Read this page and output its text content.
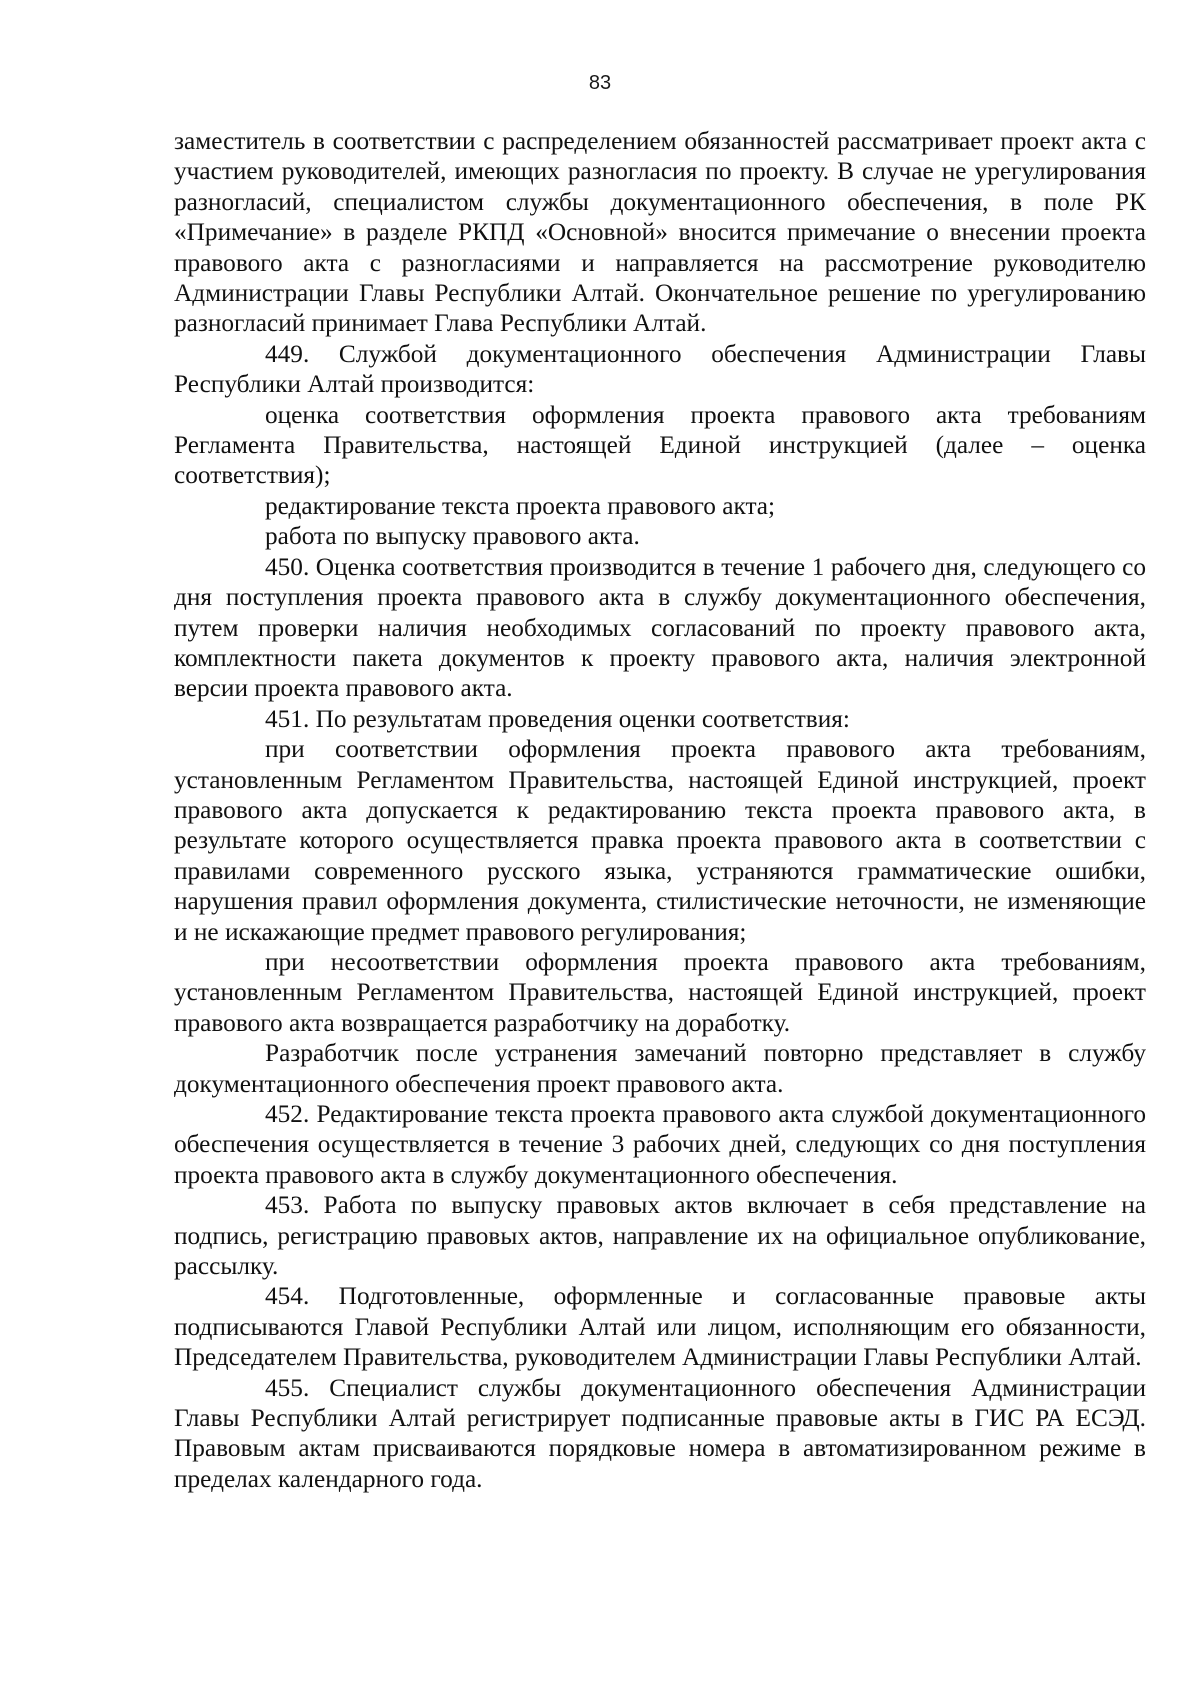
83

заместитель в соответствии с распределением обязанностей рассматривает проект акта с участием руководителей, имеющих разногласия по проекту. В случае не урегулирования разногласий, специалистом службы документационного обеспечения, в поле РК «Примечание» в разделе РКПД «Основной» вносится примечание о внесении проекта правового акта с разногласиями и направляется на рассмотрение руководителю Администрации Главы Республики Алтай. Окончательное решение по урегулированию разногласий принимает Глава Республики Алтай.

449. Службой документационного обеспечения Администрации Главы Республики Алтай производится:

оценка соответствия оформления проекта правового акта требованиям Регламента Правительства, настоящей Единой инструкцией (далее – оценка соответствия);

редактирование текста проекта правового акта;

работа по выпуску правового акта.

450. Оценка соответствия производится в течение 1 рабочего дня, следующего со дня поступления проекта правового акта в службу документационного обеспечения, путем проверки наличия необходимых согласований по проекту правового акта, комплектности пакета документов к проекту правового акта, наличия электронной версии проекта правового акта.

451. По результатам проведения оценки соответствия:

при соответствии оформления проекта правового акта требованиям, установленным Регламентом Правительства, настоящей Единой инструкцией, проект правового акта допускается к редактированию текста проекта правового акта, в результате которого осуществляется правка проекта правового акта в соответствии с правилами современного русского языка, устраняются грамматические ошибки, нарушения правил оформления документа, стилистические неточности, не изменяющие и не искажающие предмет правового регулирования;

при несоответствии оформления проекта правового акта требованиям, установленным Регламентом Правительства, настоящей Единой инструкцией, проект правового акта возвращается разработчику на доработку.

Разработчик после устранения замечаний повторно представляет в службу документационного обеспечения проект правового акта.

452. Редактирование текста проекта правового акта службой документационного обеспечения осуществляется в течение 3 рабочих дней, следующих со дня поступления проекта правового акта в службу документационного обеспечения.

453. Работа по выпуску правовых актов включает в себя представление на подпись, регистрацию правовых актов, направление их на официальное опубликование, рассылку.

454. Подготовленные, оформленные и согласованные правовые акты подписываются Главой Республики Алтай или лицом, исполняющим его обязанности, Председателем Правительства, руководителем Администрации Главы Республики Алтай.

455. Специалист службы документационного обеспечения Администрации Главы Республики Алтай регистрирует подписанные правовые акты в ГИС РА ЕСЭД. Правовым актам присваиваются порядковые номера в автоматизированном режиме в пределах календарного года.
